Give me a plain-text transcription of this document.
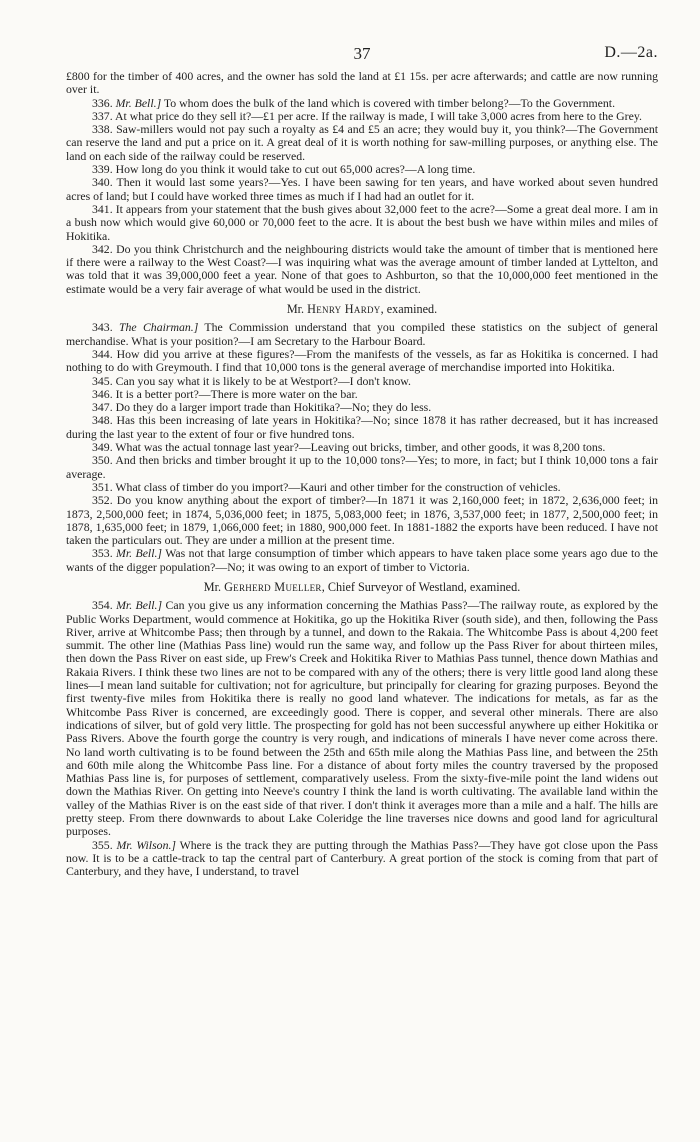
37	D.—2a.

£800 for the timber of 400 acres, and the owner has sold the land at £1 15s. per acre afterwards; and cattle are now running over it.

336. Mr. Bell.] To whom does the bulk of the land which is covered with timber belong?—To the Government.

337. At what price do they sell it?—£1 per acre. If the railway is made, I will take 3,000 acres from here to the Grey.

338. Saw-millers would not pay such a royalty as £4 and £5 an acre; they would buy it, you think?—The Government can reserve the land and put a price on it. A great deal of it is worth nothing for saw-milling purposes, or anything else. The land on each side of the railway could be reserved.

339. How long do you think it would take to cut out 65,000 acres?—A long time.

340. Then it would last some years?—Yes. I have been sawing for ten years, and have worked about seven hundred acres of land; but I could have worked three times as much if I had had an outlet for it.

341. It appears from your statement that the bush gives about 32,000 feet to the acre?—Some a great deal more. I am in a bush now which would give 60,000 or 70,000 feet to the acre. It is about the best bush we have within miles and miles of Hokitika.

342. Do you think Christchurch and the neighbouring districts would take the amount of timber that is mentioned here if there were a railway to the West Coast?—I was inquiring what was the average amount of timber landed at Lyttelton, and was told that it was 39,000,000 feet a year. None of that goes to Ashburton, so that the 10,000,000 feet mentioned in the estimate would be a very fair average of what would be used in the district.

Mr. Henry Hardy, examined.

343. The Chairman.] The Commission understand that you compiled these statistics on the subject of general merchandise. What is your position?—I am Secretary to the Harbour Board.

344. How did you arrive at these figures?—From the manifests of the vessels, as far as Hokitika is concerned. I had nothing to do with Greymouth. I find that 10,000 tons is the general average of merchandise imported into Hokitika.

345. Can you say what it is likely to be at Westport?—I don't know.

346. It is a better port?—There is more water on the bar.

347. Do they do a larger import trade than Hokitika?—No; they do less.

348. Has this been increasing of late years in Hokitika?—No; since 1878 it has rather decreased, but it has increased during the last year to the extent of four or five hundred tons.

349. What was the actual tonnage last year?—Leaving out bricks, timber, and other goods, it was 8,200 tons.

350. And then bricks and timber brought it up to the 10,000 tons?—Yes; to more, in fact; but I think 10,000 tons a fair average.

351. What class of timber do you import?—Kauri and other timber for the construction of vehicles.

352. Do you know anything about the export of timber?—In 1871 it was 2,160,000 feet; in 1872, 2,636,000 feet; in 1873, 2,500,000 feet; in 1874, 5,036,000 feet; in 1875, 5,083,000 feet; in 1876, 3,537,000 feet; in 1877, 2,500,000 feet; in 1878, 1,635,000 feet; in 1879, 1,066,000 feet; in 1880, 900,000 feet. In 1881-1882 the exports have been reduced. I have not taken the particulars out. They are under a million at the present time.

353. Mr. Bell.] Was not that large consumption of timber which appears to have taken place some years ago due to the wants of the digger population?—No; it was owing to an export of timber to Victoria.

Mr. Gerherd Mueller, Chief Surveyor of Westland, examined.

354. Mr. Bell.] Can you give us any information concerning the Mathias Pass?—The railway route, as explored by the Public Works Department, would commence at Hokitika, go up the Hokitika River (south side), and then, following the Pass River, arrive at Whitcombe Pass; then through by a tunnel, and down to the Rakaia. The Whitcombe Pass is about 4,200 feet summit. The other line (Mathias Pass line) would run the same way, and follow up the Pass River for about thirteen miles, then down the Pass River on east side, up Frew's Creek and Hokitika River to Mathias Pass tunnel, thence down Mathias and Rakaia Rivers. I think these two lines are not to be compared with any of the others; there is very little good land along these lines—I mean land suitable for cultivation; not for agriculture, but principally for clearing for grazing purposes. Beyond the first twenty-five miles from Hokitika there is really no good land whatever. The indications for metals, as far as the Whitcombe Pass River is concerned, are exceedingly good. There is copper, and several other minerals. There are also indications of silver, but of gold very little. The prospecting for gold has not been successful anywhere up either Hokitika or Pass Rivers. Above the fourth gorge the country is very rough, and indications of minerals I have never come across there. No land worth cultivating is to be found between the 25th and 65th mile along the Mathias Pass line, and between the 25th and 60th mile along the Whitcombe Pass line. For a distance of about forty miles the country traversed by the proposed Mathias Pass line is, for purposes of settlement, comparatively useless. From the sixty-five-mile point the land widens out down the Mathias River. On getting into Neeve's country I think the land is worth cultivating. The available land within the valley of the Mathias River is on the east side of that river. I don't think it averages more than a mile and a half. The hills are pretty steep. From there downwards to about Lake Coleridge the line traverses nice downs and good land for agricultural purposes.

355. Mr. Wilson.] Where is the track they are putting through the Mathias Pass?—They have got close upon the Pass now. It is to be a cattle-track to tap the central part of Canterbury. A great portion of the stock is coming from that part of Canterbury, and they have, I understand, to travel
